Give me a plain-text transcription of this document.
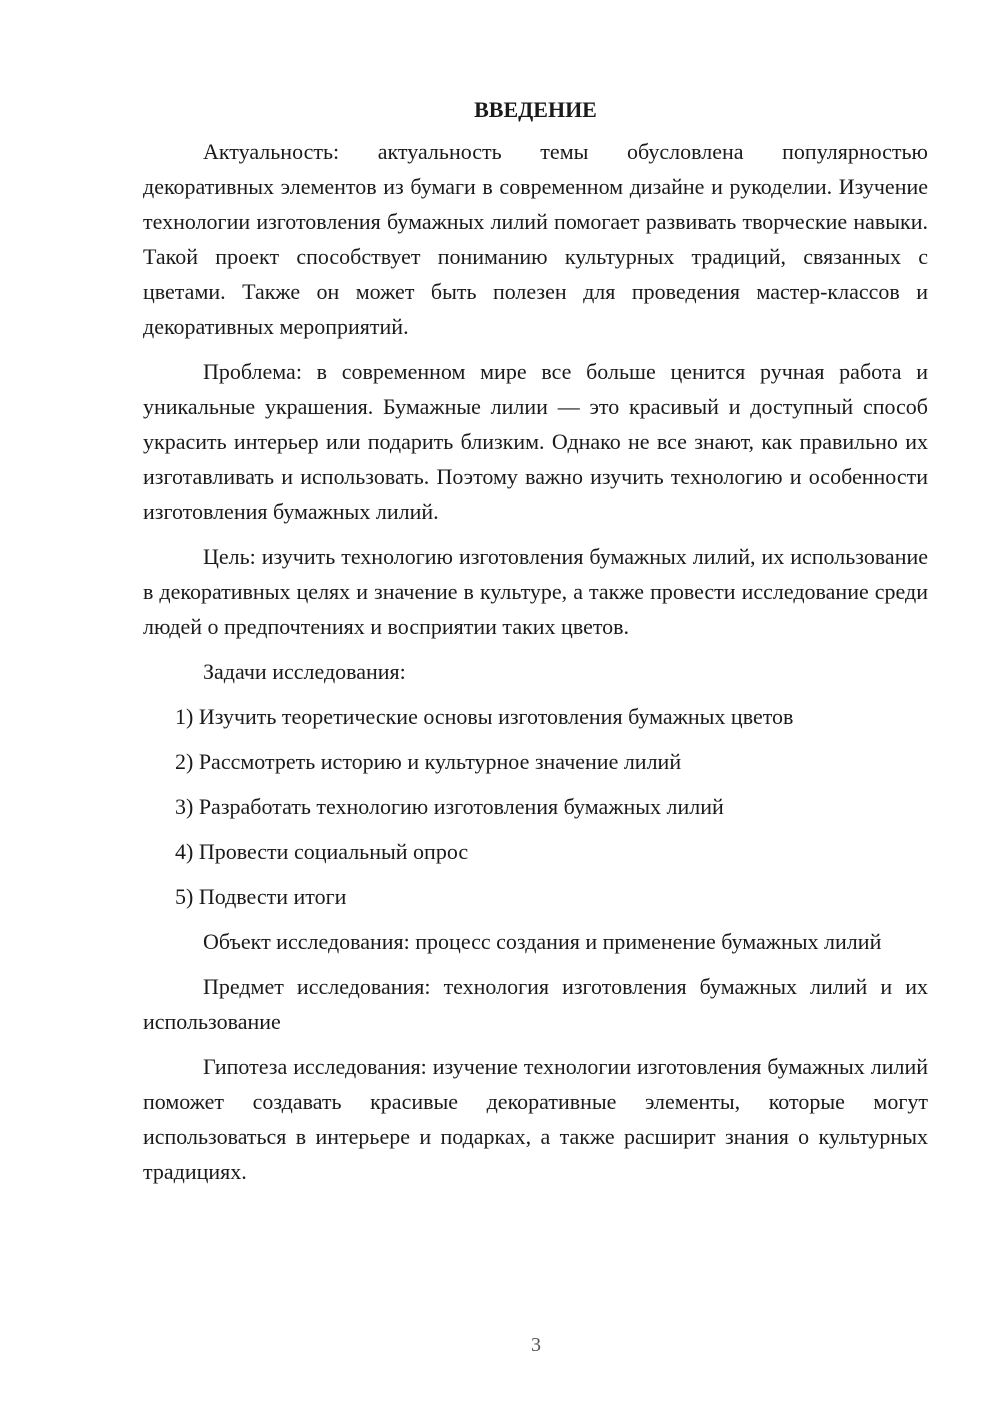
ВВЕДЕНИЕ

Актуальность: актуальность темы обусловлена популярностью декоративных элементов из бумаги в современном дизайне и рукоделии. Изучение технологии изготовления бумажных лилий помогает развивать творческие навыки. Такой проект способствует пониманию культурных традиций, связанных с цветами. Также он может быть полезен для проведения мастер-классов и декоративных мероприятий.

Проблема: в современном мире все больше ценится ручная работа и уникальные украшения. Бумажные лилии — это красивый и доступный способ украсить интерьер или подарить близким. Однако не все знают, как правильно их изготавливать и использовать. Поэтому важно изучить технологию и особенности изготовления бумажных лилий.

Цель: изучить технологию изготовления бумажных лилий, их использование в декоративных целях и значение в культуре, а также провести исследование среди людей о предпочтениях и восприятии таких цветов.

Задачи исследования:

1) Изучить теоретические основы изготовления бумажных цветов
2) Рассмотреть историю и культурное значение лилий
3) Разработать технологию изготовления бумажных лилий
4) Провести социальный опрос
5) Подвести итоги

Объект исследования: процесс создания и применение бумажных лилий

Предмет исследования: технология изготовления бумажных лилий и их использование

Гипотеза исследования: изучение технологии изготовления бумажных лилий поможет создавать красивые декоративные элементы, которые могут использоваться в интерьере и подарках, а также расширит знания о культурных традициях.

3
